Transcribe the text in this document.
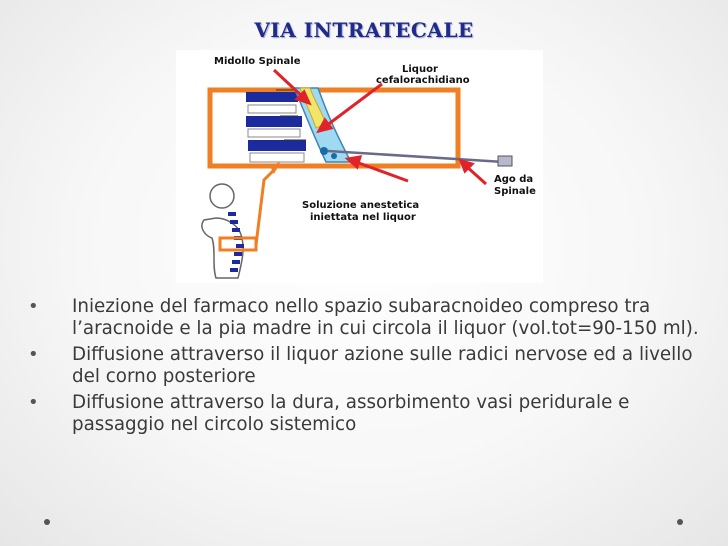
VIA INTRATECALE
Midollo Spinale
Liquor
cefalorachidiano
Ago da
Spinale
Soluzione anestetica
iniettata nel liquor
• Iniezione del farmaco nello spazio subaracnoideo compreso tra l’aracnoide e la pia madre in cui circola il liquor (vol.tot=90-150 ml).
• Diffusione attraverso il liquor azione sulle radici nervose ed a livello del corno posteriore
• Diffusione attraverso la dura, assorbimento vasi peridurale e passaggio nel circolo sistemico
